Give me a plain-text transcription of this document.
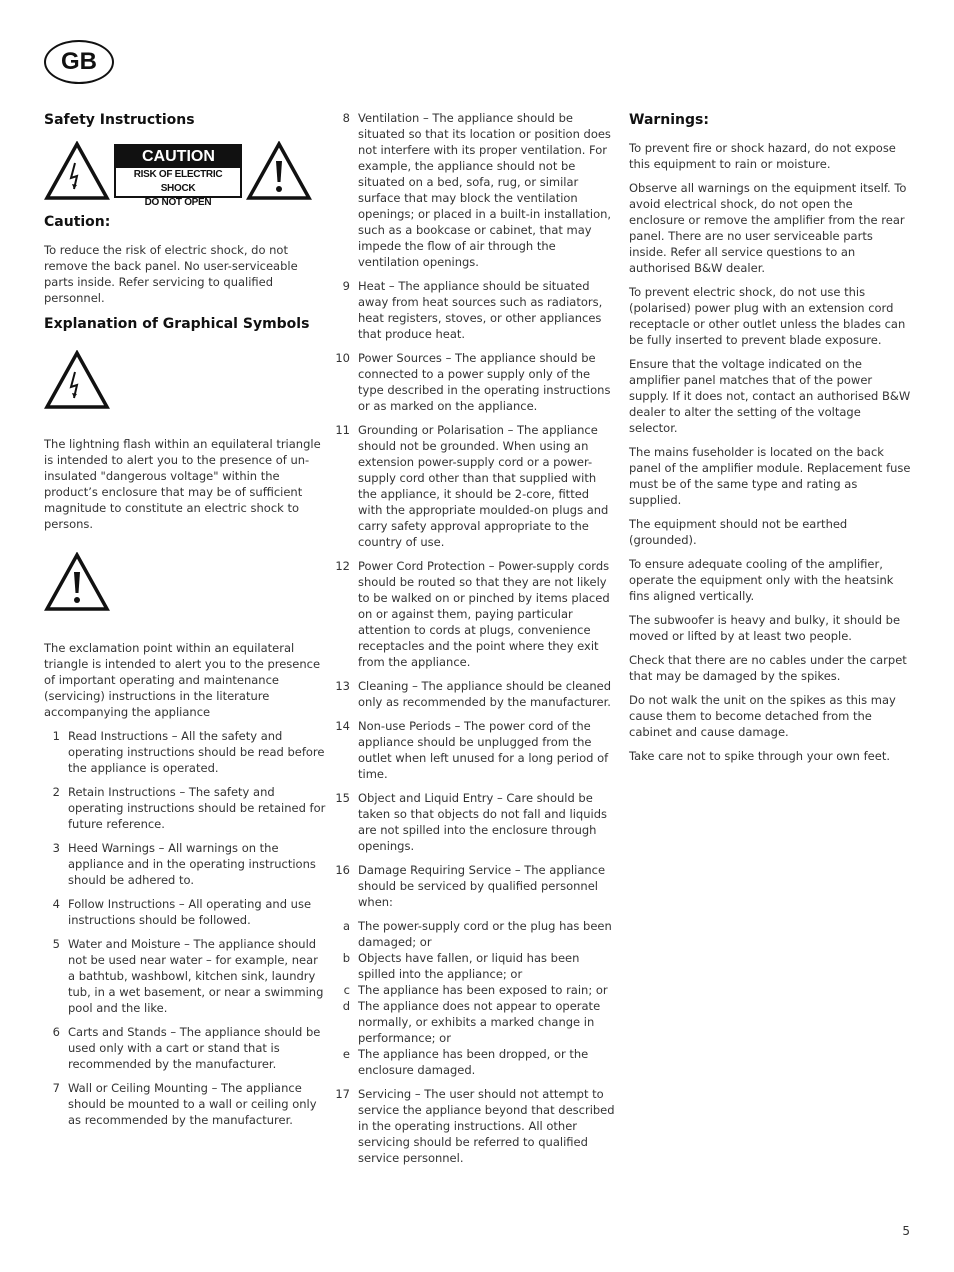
GB
Safety Instructions
CAUTION
RISK OF ELECTRIC SHOCK
DO NOT OPEN
Caution:

To reduce the risk of electric shock, do not remove the back panel. No user-serviceable parts inside. Refer servicing to qualified personnel.

Explanation of Graphical Symbols

The lightning flash within an equilateral triangle is intended to alert you to the presence of un-insulated "dangerous voltage" within the product’s enclosure that may be of sufficient magnitude to constitute an electric shock to persons.

The exclamation point within an equilateral triangle is intended to alert you to the presence of important operating and maintenance (servicing) instructions in the literature accompanying the appliance

1 Read Instructions – All the safety and operating instructions should be read before the appliance is operated.
2 Retain Instructions – The safety and operating instructions should be retained for future reference.
3 Heed Warnings – All warnings on the appliance and in the operating instructions should be adhered to.
4 Follow Instructions – All operating and use instructions should be followed.
5 Water and Moisture – The appliance should not be used near water – for example, near a bathtub, washbowl, kitchen sink, laundry tub, in a wet basement, or near a swimming pool and the like.
6 Carts and Stands – The appliance should be used only with a cart or stand that is recommended by the manufacturer.
7 Wall or Ceiling Mounting – The appliance should be mounted to a wall or ceiling only as recommended by the manufacturer.
8 Ventilation – The appliance should be situated so that its location or position does not interfere with its proper ventilation. For example, the appliance should not be situated on a bed, sofa, rug, or similar surface that may block the ventilation openings; or placed in a built-in installation, such as a bookcase or cabinet, that may impede the flow of air through the ventilation openings.
9 Heat – The appliance should be situated away from heat sources such as radiators, heat registers, stoves, or other appliances that produce heat.
10 Power Sources – The appliance should be connected to a power supply only of the type described in the operating instructions or as marked on the appliance.
11 Grounding or Polarisation – The appliance should not be grounded. When using an extension power-supply cord or a power-supply cord other than that supplied with the appliance, it should be 2-core, fitted with the appropriate moulded-on plugs and carry safety approval appropriate to the country of use.
12 Power Cord Protection – Power-supply cords should be routed so that they are not likely to be walked on or pinched by items placed on or against them, paying particular attention to cords at plugs, convenience receptacles and the point where they exit from the appliance.
13 Cleaning – The appliance should be cleaned only as recommended by the manufacturer.
14 Non-use Periods – The power cord of the appliance should be unplugged from the outlet when left unused for a long period of time.
15 Object and Liquid Entry – Care should be taken so that objects do not fall and liquids are not spilled into the enclosure through openings.
16 Damage Requiring Service – The appliance should be serviced by qualified personnel when:
a The power-supply cord or the plug has been damaged; or
b Objects have fallen, or liquid has been spilled into the appliance; or
c The appliance has been exposed to rain; or
d The appliance does not appear to operate normally, or exhibits a marked change in performance; or
e The appliance has been dropped, or the enclosure damaged.
17 Servicing – The user should not attempt to service the appliance beyond that described in the operating instructions. All other servicing should be referred to qualified service personnel.
Warnings:

To prevent fire or shock hazard, do not expose this equipment to rain or moisture.

Observe all warnings on the equipment itself. To avoid electrical shock, do not open the enclosure or remove the amplifier from the rear panel. There are no user serviceable parts inside. Refer all service questions to an authorised B&W dealer.

To prevent electric shock, do not use this (polarised) power plug with an extension cord receptacle or other outlet unless the blades can be fully inserted to prevent blade exposure.

Ensure that the voltage indicated on the amplifier panel matches that of the power supply. If it does not, contact an authorised B&W dealer to alter the setting of the voltage selector.

The mains fuseholder is located on the back panel of the amplifier module. Replacement fuse must be of the same type and rating as supplied.

The equipment should not be earthed (grounded).

To ensure adequate cooling of the amplifier, operate the equipment only with the heatsink fins aligned vertically.

The subwoofer is heavy and bulky, it should be moved or lifted by at least two people.

Check that there are no cables under the carpet that may be damaged by the spikes.

Do not walk the unit on the spikes as this may cause them to become detached from the cabinet and cause damage.

Take care not to spike through your own feet.

5
